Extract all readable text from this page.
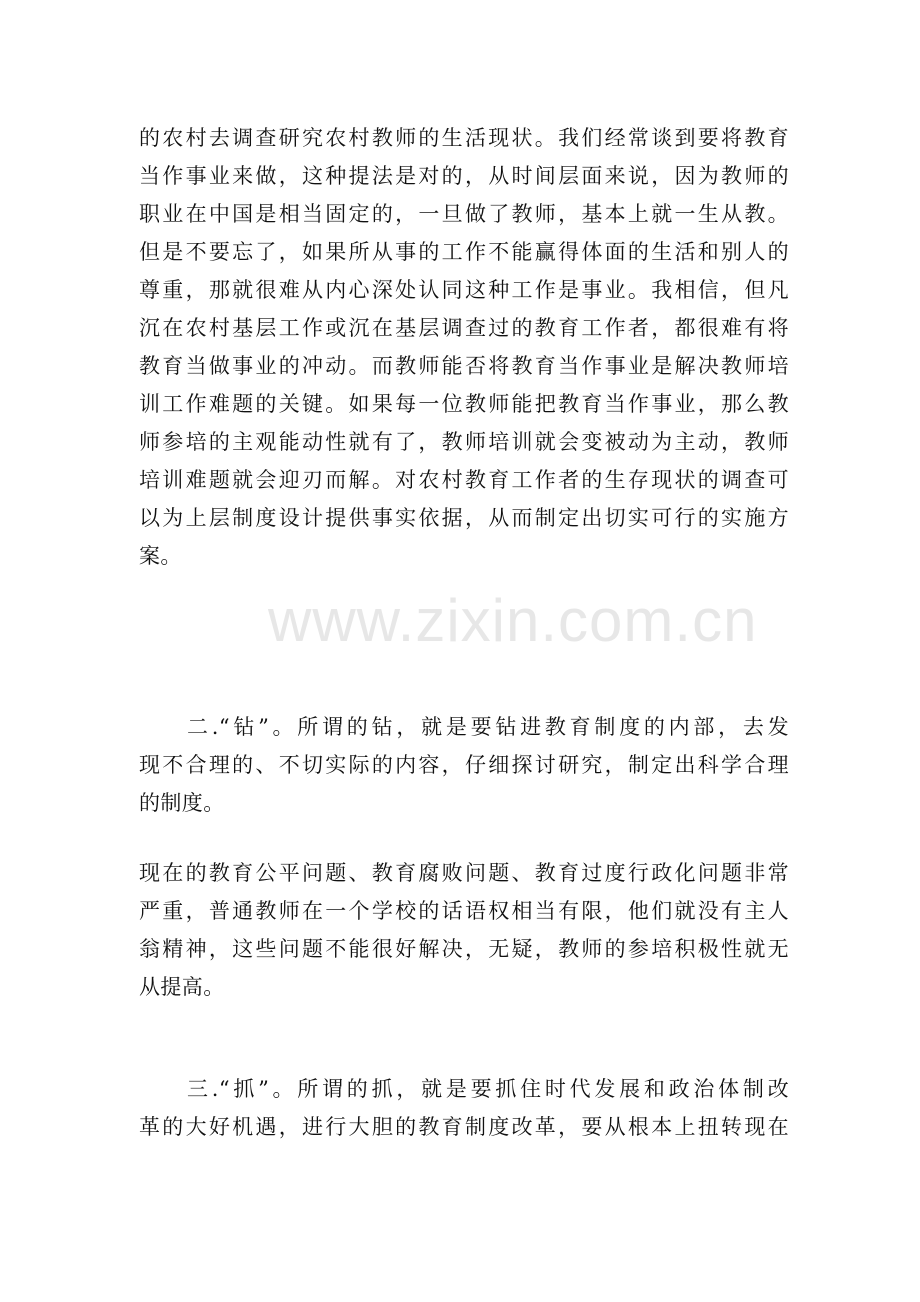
www.zixin.com.cn
的农村去调查研究农村教师的生活现状。我们经常谈到要将教育
当作事业来做，这种提法是对的，从时间层面来说，因为教师的
职业在中国是相当固定的，一旦做了教师，基本上就一生从教。
但是不要忘了，如果所从事的工作不能赢得体面的生活和别人的
尊重，那就很难从内心深处认同这种工作是事业。我相信，但凡
沉在农村基层工作或沉在基层调查过的教育工作者，都很难有将
教育当做事业的冲动。而教师能否将教育当作事业是解决教师培
训工作难题的关键。如果每一位教师能把教育当作事业，那么教
师参培的主观能动性就有了，教师培训就会变被动为主动，教师
培训难题就会迎刃而解。对农村教育工作者的生存现状的调查可
以为上层制度设计提供事实依据，从而制定出切实可行的实施方
案。
二.“钻”。所谓的钻，就是要钻进教育制度的内部，去发
现不合理的、不切实际的内容，仔细探讨研究，制定出科学合理
的制度。
现在的教育公平问题、教育腐败问题、教育过度行政化问题非常
严重，普通教师在一个学校的话语权相当有限，他们就没有主人
翁精神，这些问题不能很好解决，无疑，教师的参培积极性就无
从提高。
三.“抓”。所谓的抓，就是要抓住时代发展和政治体制改
革的大好机遇，进行大胆的教育制度改革，要从根本上扭转现在
